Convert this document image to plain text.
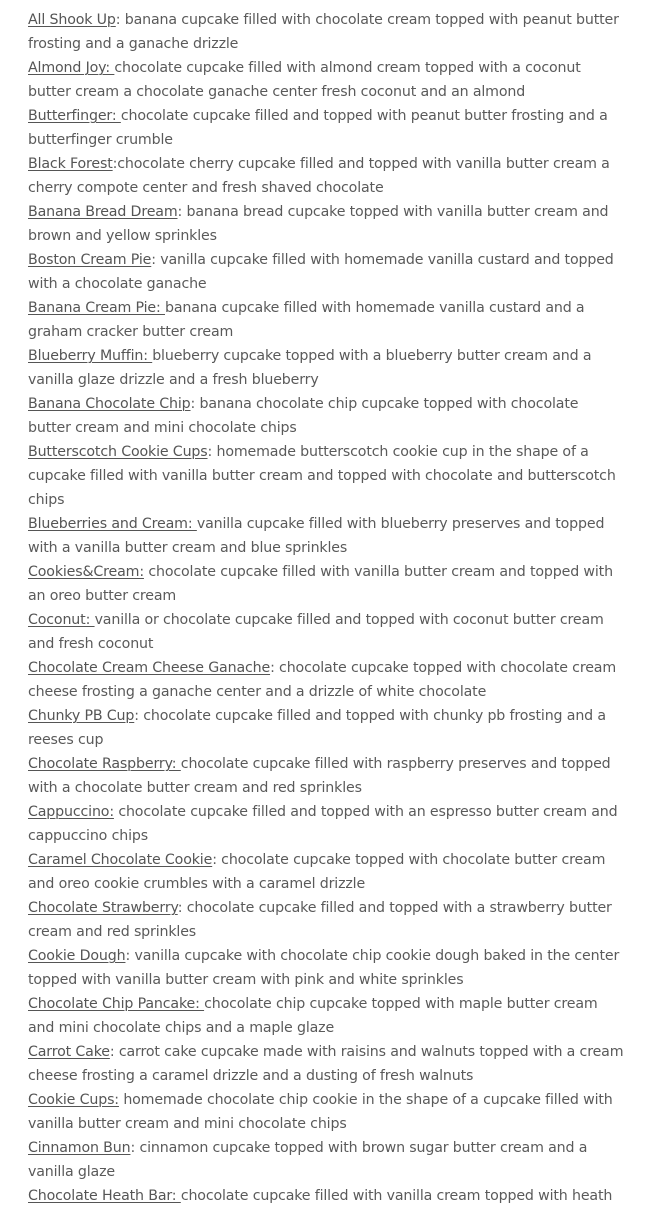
All Shook Up: banana cupcake filled with chocolate cream topped with peanut butter frosting and a ganache drizzle

Almond Joy: chocolate cupcake filled with almond cream topped with a coconut butter cream a chocolate ganache center fresh coconut and an almond

Butterfinger: chocolate cupcake filled and topped with peanut butter frosting and a butterfinger crumble

Black Forest:chocolate cherry cupcake filled and topped with vanilla butter cream a cherry compote center and fresh shaved chocolate

Banana Bread Dream: banana bread cupcake topped with vanilla butter cream and brown and yellow sprinkles

Boston Cream Pie: vanilla cupcake filled with homemade vanilla custard and topped with a chocolate ganache

Banana Cream Pie: banana cupcake filled with homemade vanilla custard and a graham cracker butter cream

Blueberry Muffin: blueberry cupcake topped with a blueberry butter cream and a vanilla glaze drizzle and a fresh blueberry

Banana Chocolate Chip: banana chocolate chip cupcake topped with chocolate butter cream and mini chocolate chips

Butterscotch Cookie Cups: homemade butterscotch cookie cup in the shape of a cupcake filled with vanilla butter cream and topped with chocolate and butterscotch chips

Blueberries and Cream: vanilla cupcake filled with blueberry preserves and topped with a vanilla butter cream and blue sprinkles

Cookies&Cream: chocolate cupcake filled with vanilla butter cream and topped with an oreo butter cream

Coconut: vanilla or chocolate cupcake filled and topped with coconut butter cream and fresh coconut

Chocolate Cream Cheese Ganache: chocolate cupcake topped with chocolate cream cheese frosting a ganache center and a drizzle of white chocolate

Chunky PB Cup: chocolate cupcake filled and topped with chunky pb frosting and a reeses cup

Chocolate Raspberry: chocolate cupcake filled with raspberry preserves and topped with a chocolate butter cream and red sprinkles

Cappuccino: chocolate cupcake filled and topped with an espresso butter cream and cappuccino chips

Caramel Chocolate Cookie: chocolate cupcake topped with chocolate butter cream and oreo cookie crumbles with a caramel drizzle

Chocolate Strawberry: chocolate cupcake filled and topped with a strawberry butter cream and red sprinkles

Cookie Dough: vanilla cupcake with chocolate chip cookie dough baked in the center topped with vanilla butter cream with pink and white sprinkles

Chocolate Chip Pancake: chocolate chip cupcake topped with maple butter cream and mini chocolate chips and a maple glaze

Carrot Cake: carrot cake cupcake made with raisins and walnuts topped with a cream cheese frosting a caramel drizzle and a dusting of fresh walnuts

Cookie Cups: homemade chocolate chip cookie in the shape of a cupcake filled with vanilla butter cream and mini chocolate chips

Cinnamon Bun: cinnamon cupcake topped with brown sugar butter cream and a vanilla glaze

Chocolate Heath Bar: chocolate cupcake filled with vanilla cream topped with heath
